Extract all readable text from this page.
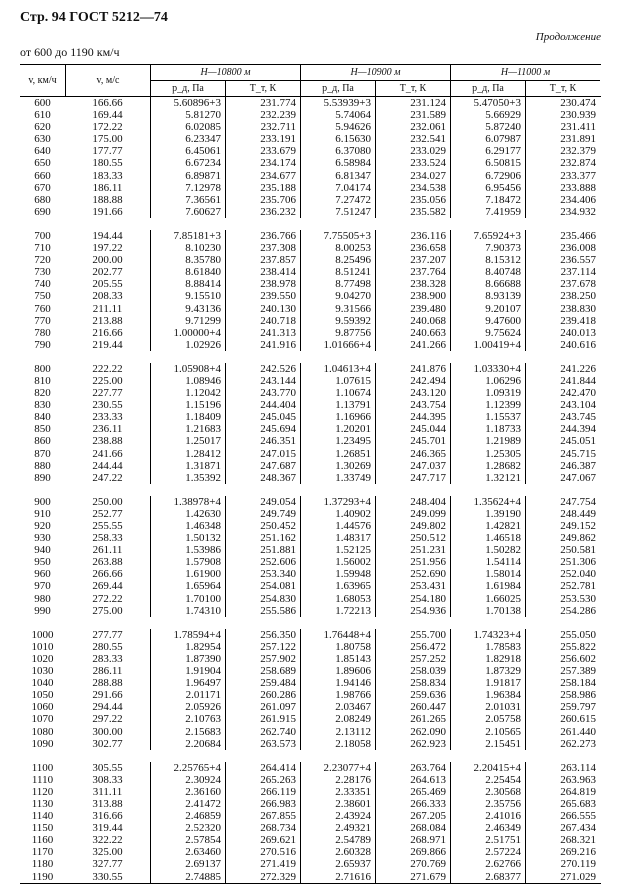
Стр. 94 ГОСТ 5212—74
Продолжение
от 600 до 1190 км/ч
v, км/ч	v, м/с
H—10800 м	H—10900 м	H—11000 м
p_д, Па	T_т, К	p_д, Па	T_т, К	p_д, Па	T_т, К
600	166.66	5.60896+3	231.774	5.53939+3	231.124	5.47050+3	230.474
610	169.44	5.81270	232.239	5.74064	231.589	5.66929	230.939
620	172.22	6.02085	232.711	5.94626	232.061	5.87240	231.411
630	175.00	6.23347	233.191	6.15630	232.541	6.07987	231.891
640	177.77	6.45061	233.679	6.37080	233.029	6.29177	232.379
650	180.55	6.67234	234.174	6.58984	233.524	6.50815	232.874
660	183.33	6.89871	234.677	6.81347	234.027	6.72906	233.377
670	186.11	7.12978	235.188	7.04174	234.538	6.95456	233.888
680	188.88	7.36561	235.706	7.27472	235.056	7.18472	234.406
690	191.66	7.60627	236.232	7.51247	235.582	7.41959	234.932
700	194.44	7.85181+3	236.766	7.75505+3	236.116	7.65924+3	235.466
710	197.22	8.10230	237.308	8.00253	236.658	7.90373	236.008
720	200.00	8.35780	237.857	8.25496	237.207	8.15312	236.557
730	202.77	8.61840	238.414	8.51241	237.764	8.40748	237.114
740	205.55	8.88414	238.978	8.77498	238.328	8.66688	237.678
750	208.33	9.15510	239.550	9.04270	238.900	8.93139	238.250
760	211.11	9.43136	240.130	9.31566	239.480	9.20107	238.830
770	213.88	9.71299	240.718	9.59392	240.068	9.47600	239.418
780	216.66	1.00000+4	241.313	9.87756	240.663	9.75624	240.013
790	219.44	1.02926	241.916	1.01666+4	241.266	1.00419+4	240.616
800	222.22	1.05908+4	242.526	1.04613+4	241.876	1.03330+4	241.226
810	225.00	1.08946	243.144	1.07615	242.494	1.06296	241.844
820	227.77	1.12042	243.770	1.10674	243.120	1.09319	242.470
830	230.55	1.15196	244.404	1.13791	243.754	1.12399	243.104
840	233.33	1.18409	245.045	1.16966	244.395	1.15537	243.745
850	236.11	1.21683	245.694	1.20201	245.044	1.18733	244.394
860	238.88	1.25017	246.351	1.23495	245.701	1.21989	245.051
870	241.66	1.28412	247.015	1.26851	246.365	1.25305	245.715
880	244.44	1.31871	247.687	1.30269	247.037	1.28682	246.387
890	247.22	1.35392	248.367	1.33749	247.717	1.32121	247.067
900	250.00	1.38978+4	249.054	1.37293+4	248.404	1.35624+4	247.754
910	252.77	1.42630	249.749	1.40902	249.099	1.39190	248.449
920	255.55	1.46348	250.452	1.44576	249.802	1.42821	249.152
930	258.33	1.50132	251.162	1.48317	250.512	1.46518	249.862
940	261.11	1.53986	251.881	1.52125	251.231	1.50282	250.581
950	263.88	1.57908	252.606	1.56002	251.956	1.54114	251.306
960	266.66	1.61900	253.340	1.59948	252.690	1.58014	252.040
970	269.44	1.65964	254.081	1.63965	253.431	1.61984	252.781
980	272.22	1.70100	254.830	1.68053	254.180	1.66025	253.530
990	275.00	1.74310	255.586	1.72213	254.936	1.70138	254.286
1000	277.77	1.78594+4	256.350	1.76448+4	255.700	1.74323+4	255.050
1010	280.55	1.82954	257.122	1.80758	256.472	1.78583	255.822
1020	283.33	1.87390	257.902	1.85143	257.252	1.82918	256.602
1030	286.11	1.91904	258.689	1.89606	258.039	1.87329	257.389
1040	288.88	1.96497	259.484	1.94146	258.834	1.91817	258.184
1050	291.66	2.01171	260.286	1.98766	259.636	1.96384	258.986
1060	294.44	2.05926	261.097	2.03467	260.447	2.01031	259.797
1070	297.22	2.10763	261.915	2.08249	261.265	2.05758	260.615
1080	300.00	2.15683	262.740	2.13112	262.090	2.10565	261.440
1090	302.77	2.20684	263.573	2.18058	262.923	2.15451	262.273
1100	305.55	2.25765+4	264.414	2.23077+4	263.764	2.20415+4	263.114
1110	308.33	2.30924	265.263	2.28176	264.613	2.25454	263.963
1120	311.11	2.36160	266.119	2.33351	265.469	2.30568	264.819
1130	313.88	2.41472	266.983	2.38601	266.333	2.35756	265.683
1140	316.66	2.46859	267.855	2.43924	267.205	2.41016	266.555
1150	319.44	2.52320	268.734	2.49321	268.084	2.46349	267.434
1160	322.22	2.57854	269.621	2.54789	268.971	2.51751	268.321
1170	325.00	2.63460	270.516	2.60328	269.866	2.57224	269.216
1180	327.77	2.69137	271.419	2.65937	270.769	2.62766	270.119
1190	330.55	2.74885	272.329	2.71616	271.679	2.68377	271.029
